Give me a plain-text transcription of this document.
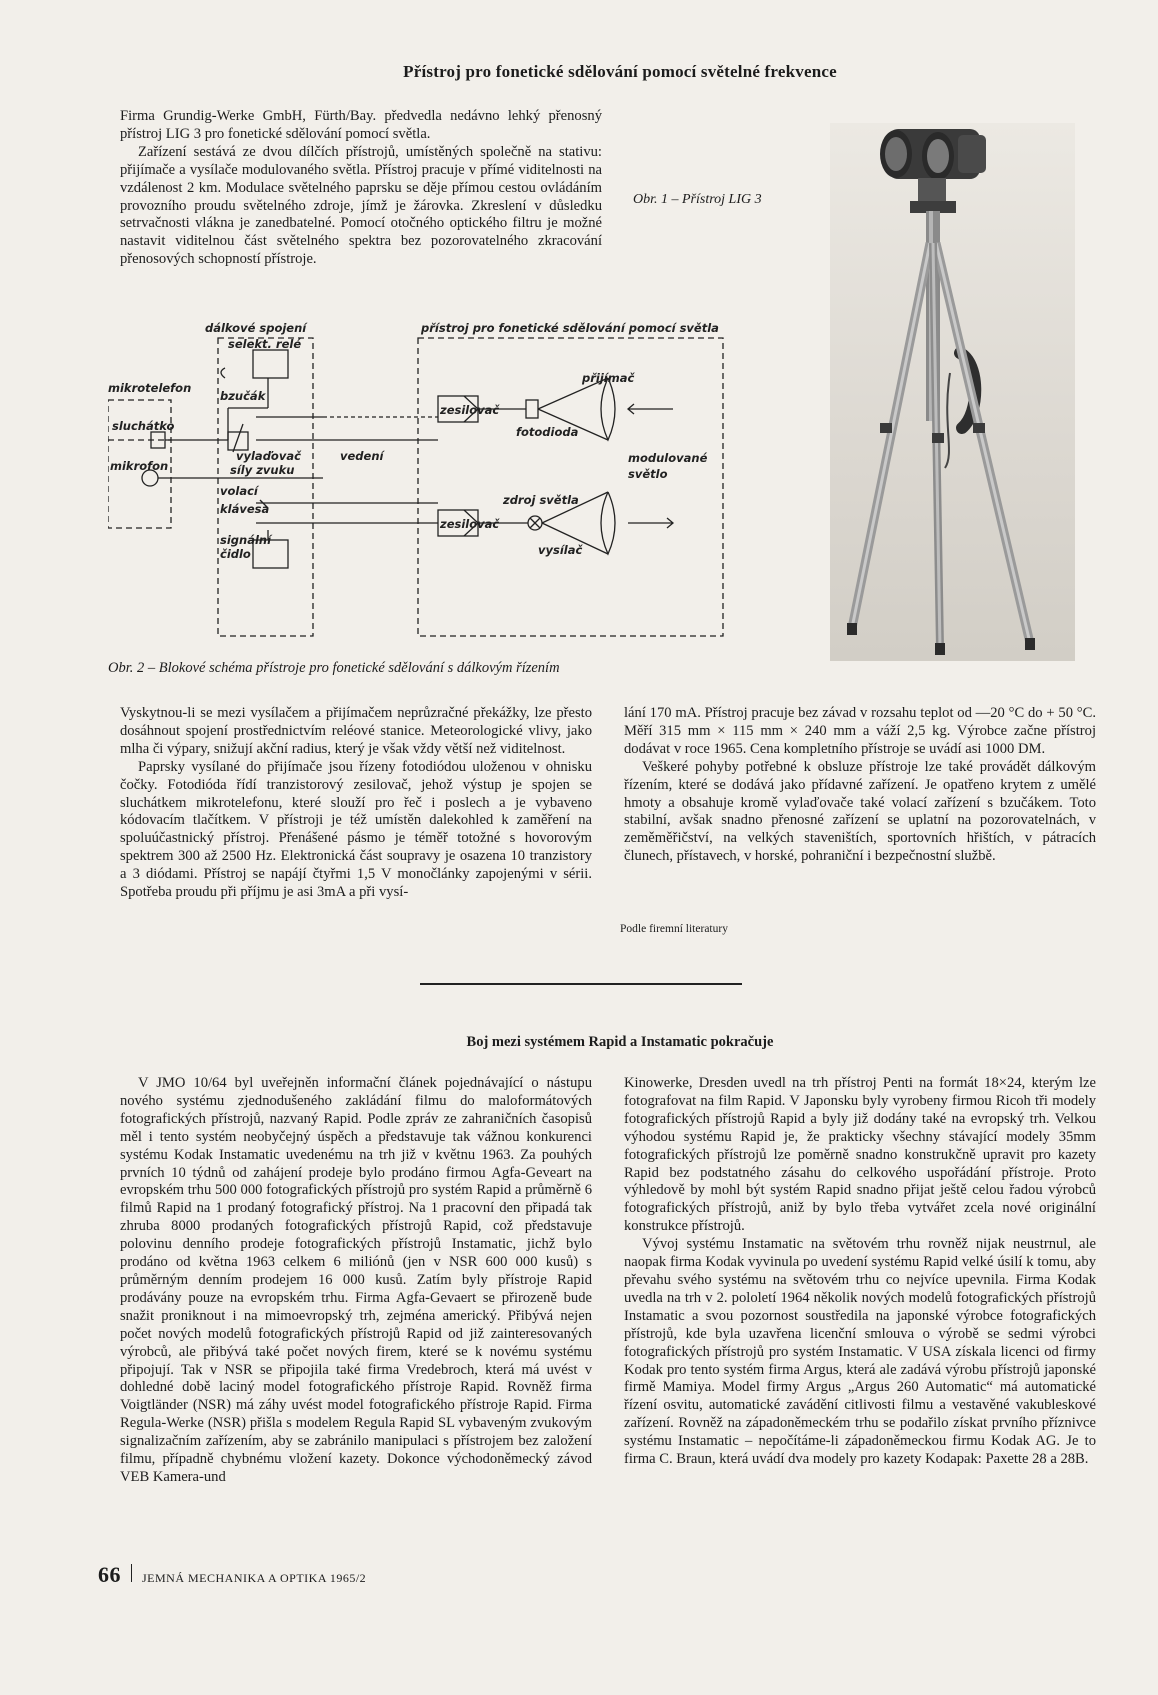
Přístroj pro fonetické sdělování pomocí světelné frekvence

Firma Grundig-Werke GmbH, Fürth/Bay. předvedla nedávno lehký přenosný přístroj LIG 3 pro fonetické sdělování pomocí světla.

Zařízení sestává ze dvou dílčích přístrojů, umístěných společně na stativu: přijímače a vysílače modulovaného světla. Přístroj pracuje v přímé viditelnosti na vzdálenost 2 km. Modulace světelného paprsku se děje přímou cestou ovládáním provozního proudu světelného zdroje, jímž je žárovka. Zkreslení v důsledku setrvačnosti vlákna je zanedbatelné. Pomocí otočného optického filtru je možné nastavit viditelnou část světelného spektra bez pozorovatelného zkracování přenosových schopností přístroje.

Obr. 1 – Přístroj LIG 3
dálkové spojení	přístroj pro fonetické sdělování pomocí světla
selekt. relé
mikrotelefon
bzučák
sluchátko
vylaďovač
síly zvuku
mikrofon
vedení
volací
klávesa
signální
čidlo
zesilovač
fotodioda
přijímač
zesilovač
zdroj světla
vysílač
modulované
světlo
Obr. 2 – Blokové schéma přístroje pro fonetické sdělování s dálkovým řízením

Vyskytnou-li se mezi vysílačem a přijímačem neprůzračné překážky, lze přesto dosáhnout spojení prostřednictvím reléové stanice. Meteorologické vlivy, jako mlha či výpary, snižují akční radius, který je však vždy větší než viditelnost.

Paprsky vysílané do přijímače jsou řízeny fotodiódou uloženou v ohnisku čočky. Fotodióda řídí tranzistorový zesilovač, jehož výstup je spojen se sluchátkem mikrotelefonu, které slouží pro řeč i poslech a je vybaveno kódovacím tlačítkem. V přístroji je též umístěn dalekohled k zaměření na spoluúčastnický přístroj. Přenášené pásmo je téměř totožné s hovorovým spektrem 300 až 2500 Hz. Elektronická část soupravy je osazena 10 tranzistory a 3 diódami. Přístroj se napájí čtyřmi 1,5 V monočlánky zapojenými v sérii. Spotřeba proudu při příjmu je asi 3mA a při vysí-

lání 170 mA. Přístroj pracuje bez závad v rozsahu teplot od —20 °C do + 50 °C. Měří 315 mm × 115 mm × 240 mm a váží 2,5 kg. Výrobce začne přístroj dodávat v roce 1965. Cena kompletního přístroje se uvádí asi 1000 DM.

Veškeré pohyby potřebné k obsluze přístroje lze také provádět dálkovým řízením, které se dodává jako přídavné zařízení. Je opatřeno krytem z umělé hmoty a obsahuje kromě vylaďovače také volací zařízení s bzučákem. Toto stabilní, avšak snadno přenosné zařízení se uplatní na pozorovatelnách, v zeměměřičství, na velkých staveništích, sportovních hřištích, v pátracích člunech, přístavech, v horské, pohraniční i bezpečnostní službě.

Podle firemní literatury
Boj mezi systémem Rapid a Instamatic pokračuje

V JMO 10/64 byl uveřejněn informační článek pojednávající o nástupu nového systému zjednodušeného zakládání filmu do maloformátových fotografických přístrojů, nazvaný Rapid. Podle zpráv ze zahraničních časopisů měl i tento systém neobyčejný úspěch a představuje tak vážnou konkurenci systému Kodak Instamatic uvedenému na trh již v květnu 1963. Za pouhých prvních 10 týdnů od zahájení prodeje bylo prodáno firmou Agfa-Geveart na evropském trhu 500 000 fotografických přístrojů pro systém Rapid a průměrně 6 filmů Rapid na 1 prodaný fotografický přístroj. Na 1 pracovní den připadá tak zhruba 8000 prodaných fotografických přístrojů Rapid, což představuje polovinu denního prodeje fotografických přístrojů Instamatic, jichž bylo prodáno od května 1963 celkem 6 miliónů (jen v NSR 600 000 kusů) s průměrným denním prodejem 16 000 kusů. Zatím byly přístroje Rapid prodávány pouze na evropském trhu. Firma Agfa-Gevaert se přirozeně bude snažit proniknout i na mimoevropský trh, zejména americký. Přibývá nejen počet nových modelů fotografických přístrojů Rapid od již zainteresovaných výrobců, ale přibývá také počet nových firem, které se k novému systému připojují. Tak v NSR se připojila také firma Vredebroch, která má uvést v dohledné době laciný model fotografického přístroje Rapid. Rovněž firma Voigtländer (NSR) má záhy uvést model fotografického přístroje Rapid. Firma Regula-Werke (NSR) přišla s modelem Regula Rapid SL vybaveným zvukovým signalizačním zařízením, aby se zabránilo manipulaci s přístrojem bez založení filmu, případně chybnému vložení kazety. Dokonce východoněmecký závod VEB Kamera-und

Kinowerke, Dresden uvedl na trh přístroj Penti na formát 18×24, kterým lze fotografovat na film Rapid. V Japonsku byly vyrobeny firmou Ricoh tři modely fotografických přístrojů Rapid a byly již dodány také na evropský trh. Velkou výhodou systému Rapid je, že prakticky všechny stávající modely 35mm fotografických přístrojů lze poměrně snadno konstrukčně upravit pro kazety Rapid bez podstatného zásahu do celkového uspořádání přístroje. Proto výhledově by mohl být systém Rapid snadno přijat ještě celou řadou výrobců fotografických přístrojů, aniž by bylo třeba vytvářet zcela nové originální konstrukce přístrojů.

Vývoj systému Instamatic na světovém trhu rovněž nijak neustrnul, ale naopak firma Kodak vyvinula po uvedení systému Rapid velké úsilí k tomu, aby převahu svého systému na světovém trhu co nejvíce upevnila. Firma Kodak uvedla na trh v 2. pololetí 1964 několik nových modelů fotografických přístrojů Instamatic a svou pozornost soustředila na japonské výrobce fotografických přístrojů, kde byla uzavřena licenční smlouva o výrobě se sedmi výrobci fotografických přístrojů pro systém Instamatic. V USA získala licenci od firmy Kodak pro tento systém firma Argus, která ale zadává výrobu přístrojů japonské firmě Mamiya. Model firmy Argus „Argus 260 Automatic“ má automatické řízení osvitu, automatické zavádění citlivosti filmu a vestavěné vakubleskové zařízení. Rovněž na západoněmeckém trhu se podařilo získat prvního příznivce systému Instamatic – nepočítáme-li západoněmeckou firmu Kodak AG. Je to firma C. Braun, která uvádí dva modely pro kazety Kodapak: Paxette 28 a 28B.

66 JEMNÁ MECHANIKA A OPTIKA 1965/2
